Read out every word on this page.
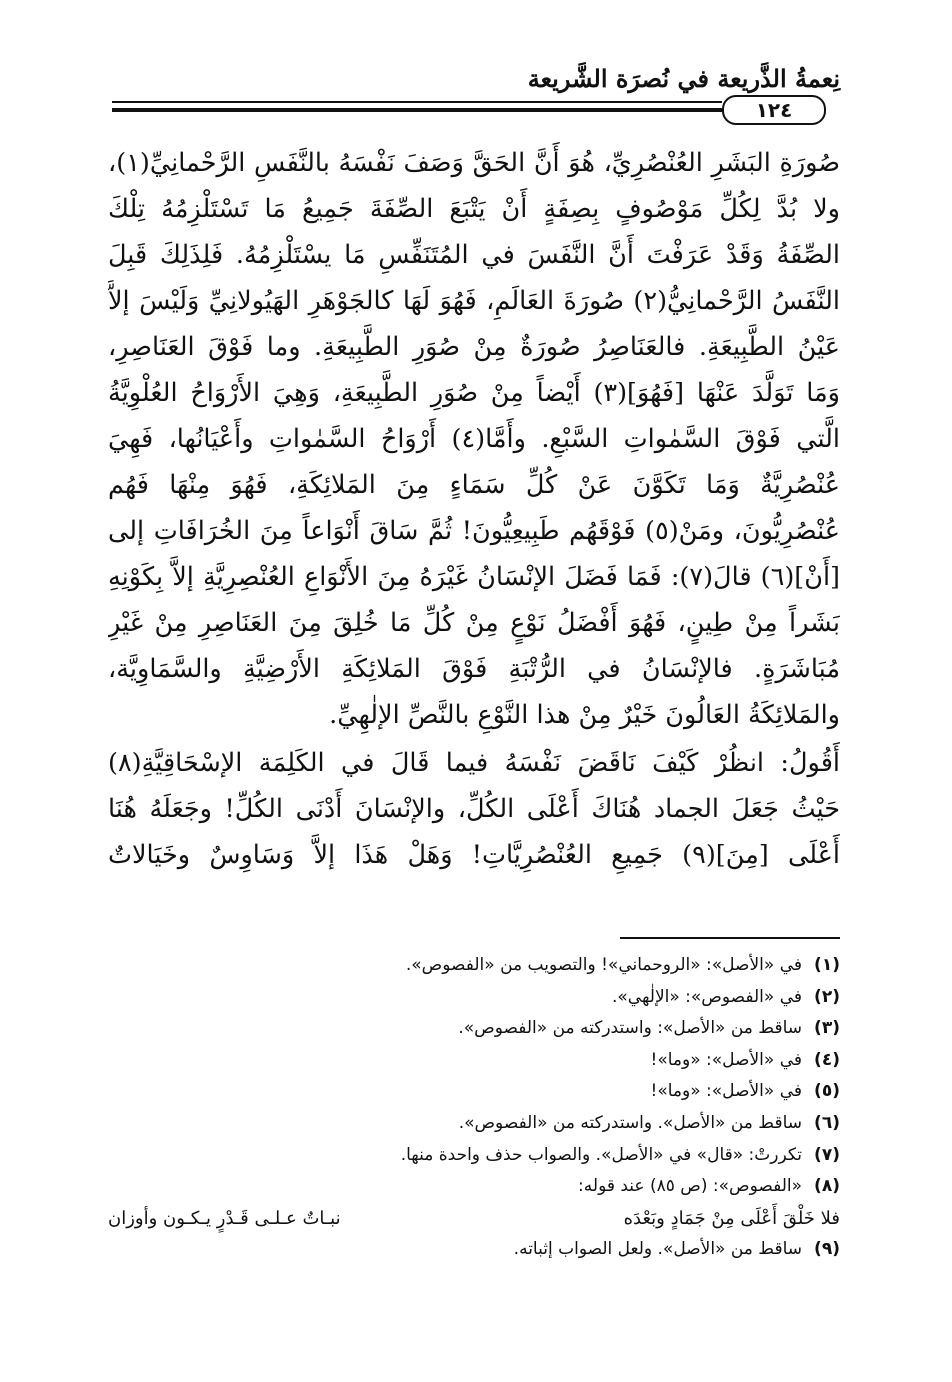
نِعمةُ الذَّريعة في نُصرَة الشَّريعة
١٢٤
صُورَةِ البَشَرِ العُنْصُرِيِّ، هُوَ أَنَّ الحَقَّ وَصَفَ نَفْسَهُ بالنَّفَسِ الرَّحْمانِيِّ(١)،
ولا بُدَّ لِكُلِّ مَوْصُوفٍ بِصِفَةٍ أَنْ يَتْبَعَ الصِّفَةَ جَمِيعُ مَا تَسْتَلْزِمُهُ تِلْكَ
الصِّفَةُ وَقَدْ عَرَفْتَ أَنَّ النَّفَسَ في المُتَنَفِّسِ مَا يسْتَلْزِمُهُ. فَلِذَلِكَ قَبِلَ
النَّفَسُ الرَّحْمانِيُّ(٢) صُورَةَ العَالَمِ، فَهُوَ لَهَا كالجَوْهَرِ الهَيُولانِيِّ وَلَيْسَ إلاَّ
عَيْنُ الطَّبِيعَةِ. فالعَنَاصِرُ صُورَةٌ مِنْ صُوَرِ الطَّبِيعَةِ. وما فَوْقَ العَنَاصِرِ،
وَمَا تَوَلَّدَ عَنْهَا [فَهُوَ](٣) أَيْضاً مِنْ صُوَرِ الطَّبِيعَةِ، وَهِيَ الأَرْوَاحُ العُلْوِيَّةُ
الَّتي فَوْقَ السَّمٰواتِ السَّبْعِ. وأَمَّا(٤) أَرْوَاحُ السَّمٰواتِ وأَعْيَانُها، فَهِيَ
عُنْصُرِيَّةٌ وَمَا تَكَوَّنَ عَنْ كُلِّ سَمَاءٍ مِنَ المَلائِكَةِ، فَهُوَ مِنْهَا فَهُم
عُنْصُرِيُّونَ، ومَنْ(٥) فَوْقَهُم طَبِيعِيُّونَ! ثُمَّ سَاقَ أَنْوَاعاً مِنَ الخُرَافَاتِ إلى
[أَنْ](٦) قالَ(٧): فَمَا فَضَلَ الإنْسَانُ غَيْرَهُ مِنَ الأَنْوَاعِ العُنْصِرِيَّةِ إلاَّ بِكَوْنِهِ
بَشَراً مِنْ طِينٍ، فَهُوَ أَفْضَلُ نَوْعٍ مِنْ كُلِّ مَا خُلِقَ مِنَ العَنَاصِرِ مِنْ غَيْرِ
مُبَاشَرَةٍ. فالإنْسَانُ في الرُّتْبَةِ فَوْقَ المَلائِكَةِ الأَرْضِيَّةِ والسَّمَاوِيَّة،
والمَلائِكَةُ العَالُونَ خَيْرٌ مِنْ هذا النَّوْعِ بالنَّصِّ الإلٰهِيِّ.
أَقُولُ: انظُرْ كَيْفَ نَاقَضَ نَفْسَهُ فيما قَالَ في الكَلِمَة الإسْحَاقِيَّةِ(٨)
حَيْثُ جَعَلَ الجماد هُنَاكَ أَعْلَى الكُلِّ، والإنْسَانَ أَدْنَى الكُلِّ! وجَعَلَهُ هُنَا
أَعْلَى [مِنَ](٩) جَمِيعِ العُنْصُرِيَّاتِ! وَهَلْ هَذَا إلاَّ وَسَاوِسٌ وخَيَالاتٌ
(١)
في «الأصل»: «الروحماني»! والتصويب من «الفصوص».
(٢)
في «الفصوص»: «الإلٰهي».
(٣)
ساقط من «الأصل»: واستدركته من «الفصوص».
(٤)
في «الأصل»: «وما»!
(٥)
في «الأصل»: «وما»!
(٦)
ساقط من «الأصل». واستدركته من «الفصوص».
(٧)
تكررتْ: «قال» في «الأصل». والصواب حذف واحدة منها.
(٨)
«الفصوص»: (ص ٨٥) عند قوله:
فلا خَلْقَ أَعْلَى مِنْ جَمَادٍ وبَعْدَه
نبـاتٌ عـلـى قَـدْرٍ يـكـون وأوزان
(٩)
ساقط من «الأصل». ولعل الصواب إثباته.
